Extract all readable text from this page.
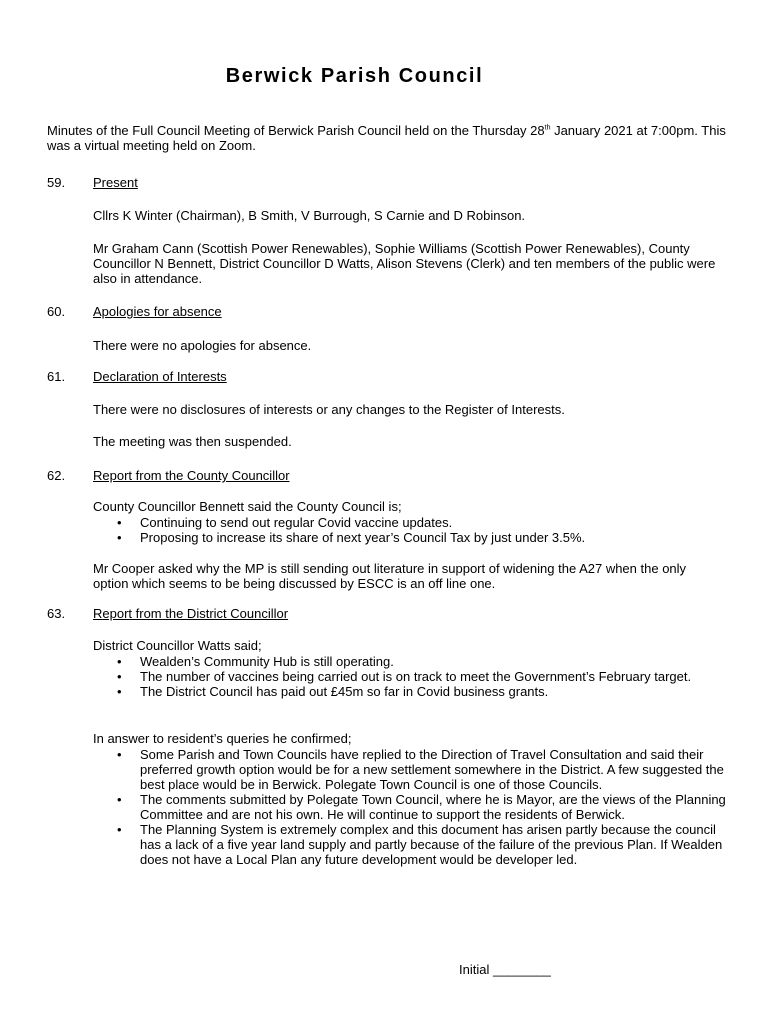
Berwick Parish Council

Minutes of the Full Council Meeting of Berwick Parish Council held on the Thursday 28th January 2021 at 7:00pm. This was a virtual meeting held on Zoom.

59. Present

Cllrs K Winter (Chairman), B Smith, V Burrough, S Carnie and D Robinson.

Mr Graham Cann (Scottish Power Renewables), Sophie Williams (Scottish Power Renewables), County Councillor N Bennett, District Councillor D Watts, Alison Stevens (Clerk) and ten members of the public were also in attendance.

60. Apologies for absence

There were no apologies for absence.

61. Declaration of Interests

There were no disclosures of interests or any changes to the Register of Interests.

The meeting was then suspended.

62. Report from the County Councillor

County Councillor Bennett said the County Council is;

• Continuing to send out regular Covid vaccine updates.
• Proposing to increase its share of next year’s Council Tax by just under 3.5%.

Mr Cooper asked why the MP is still sending out literature in support of widening the A27 when the only option which seems to be being discussed by ESCC is an off line one.

63. Report from the District Councillor

District Councillor Watts said;

• Wealden’s Community Hub is still operating.
• The number of vaccines being carried out is on track to meet the Government’s February target.
• The District Council has paid out £45m so far in Covid business grants.

In answer to resident’s queries he confirmed;

• Some Parish and Town Councils have replied to the Direction of Travel Consultation and said their preferred growth option would be for a new settlement somewhere in the District. A few suggested the best place would be in Berwick. Polegate Town Council is one of those Councils.
• The comments submitted by Polegate Town Council, where he is Mayor, are the views of the Planning Committee and are not his own. He will continue to support the residents of Berwick.
• The Planning System is extremely complex and this document has arisen partly because the council has a lack of a five year land supply and partly because of the failure of the previous Plan. If Wealden does not have a Local Plan any future development would be developer led.
Initial ________
